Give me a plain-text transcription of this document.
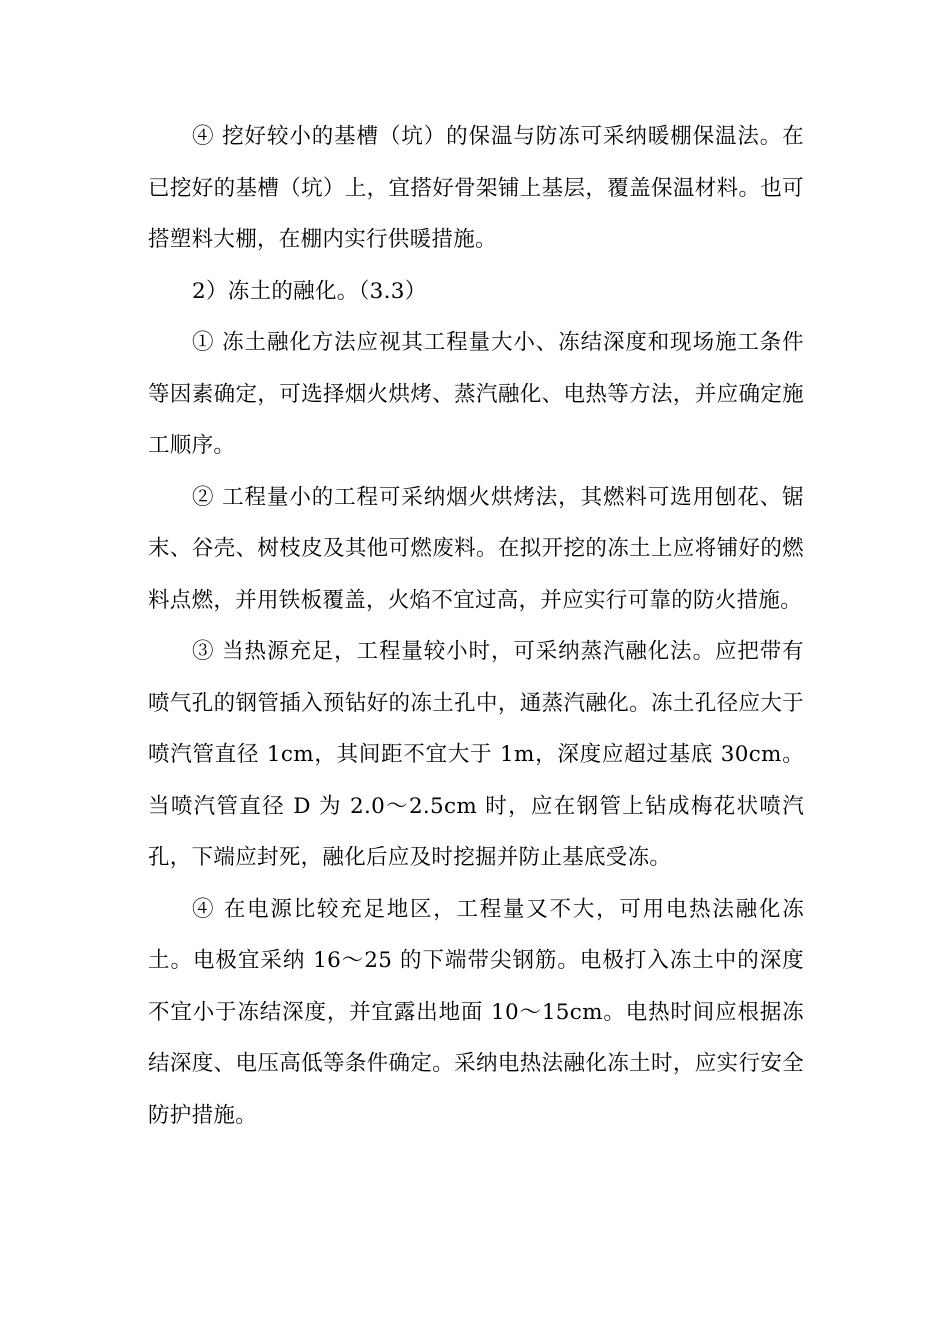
④ 挖好较小的基槽（坑）的保温与防冻可采纳暖棚保温法。在已挖好的基槽（坑）上，宜搭好骨架铺上基层，覆盖保温材料。也可搭塑料大棚，在棚内实行供暖措施。

2）冻土的融化。（3.3）

① 冻土融化方法应视其工程量大小、冻结深度和现场施工条件等因素确定，可选择烟火烘烤、蒸汽融化、电热等方法，并应确定施工顺序。

② 工程量小的工程可采纳烟火烘烤法，其燃料可选用刨花、锯末、谷壳、树枝皮及其他可燃废料。在拟开挖的冻土上应将铺好的燃料点燃，并用铁板覆盖，火焰不宜过高，并应实行可靠的防火措施。

③ 当热源充足，工程量较小时，可采纳蒸汽融化法。应把带有喷气孔的钢管插入预钻好的冻土孔中，通蒸汽融化。冻土孔径应大于喷汽管直径 1cm，其间距不宜大于 1m，深度应超过基底 30cm。当喷汽管直径 D 为 2.0～2.5cm 时，应在钢管上钻成梅花状喷汽孔，下端应封死，融化后应及时挖掘并防止基底受冻。

④ 在电源比较充足地区，工程量又不大，可用电热法融化冻土。电极宜采纳 16～25 的下端带尖钢筋。电极打入冻土中的深度不宜小于冻结深度，并宜露出地面 10～15cm。电热时间应根据冻结深度、电压高低等条件确定。采纳电热法融化冻土时，应实行安全防护措施。
